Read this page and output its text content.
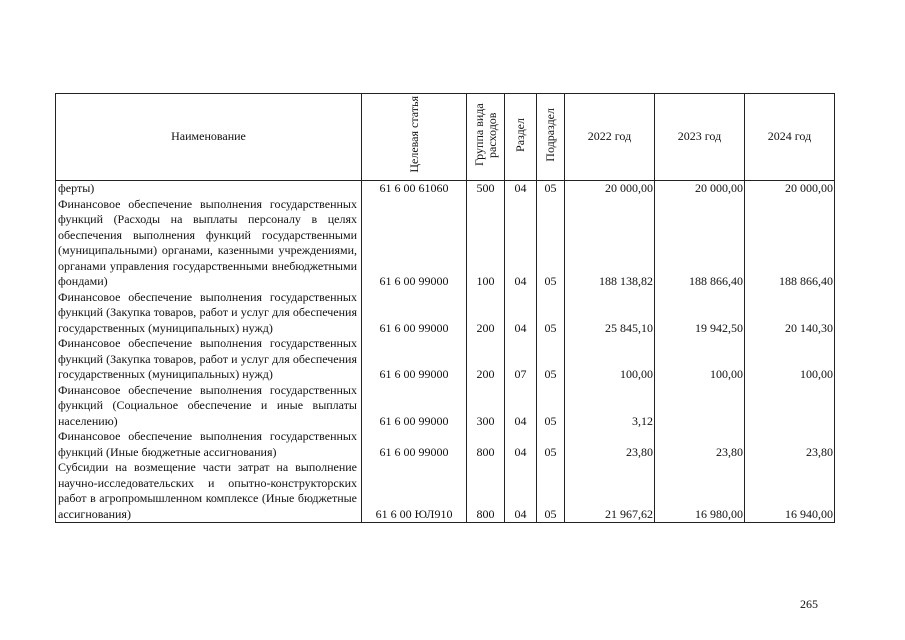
Наименование	Целевая статья	Группа вида расходов	Раздел	Подраздел	2022 год	2023 год	2024 год
ферты)	61 6 00 61060	500	04	05	20 000,00	20 000,00	20 000,00
Финансовое обеспечение выполнения государственных функций (Расходы на выплаты персоналу в целях обеспечения выполнения функций государственными (муниципальными) органами, казенными учреждениями, органами управления государственными внебюджетными фондами)	61 6 00 99000	100	04	05	188 138,82	188 866,40	188 866,40
Финансовое обеспечение выполнения государственных функций (Закупка товаров, работ и услуг для обеспечения государственных (муниципальных) нужд)	61 6 00 99000	200	04	05	25 845,10	19 942,50	20 140,30
Финансовое обеспечение выполнения государственных функций (Закупка товаров, работ и услуг для обеспечения государственных (муниципальных) нужд)	61 6 00 99000	200	07	05	100,00	100,00	100,00
Финансовое обеспечение выполнения государственных функций (Социальное обеспечение и иные выплаты населению)	61 6 00 99000	300	04	05	3,12		
Финансовое обеспечение выполнения государственных функций (Иные бюджетные ассигнования)	61 6 00 99000	800	04	05	23,80	23,80	23,80
Субсидии на возмещение части затрат на выполнение научно-исследовательских и опытно-конструкторских работ в агропромышленном комплексе (Иные бюджетные ассигнования)	61 6 00 ЮЛ910	800	04	05	21 967,62	16 980,00	16 940,00
265
